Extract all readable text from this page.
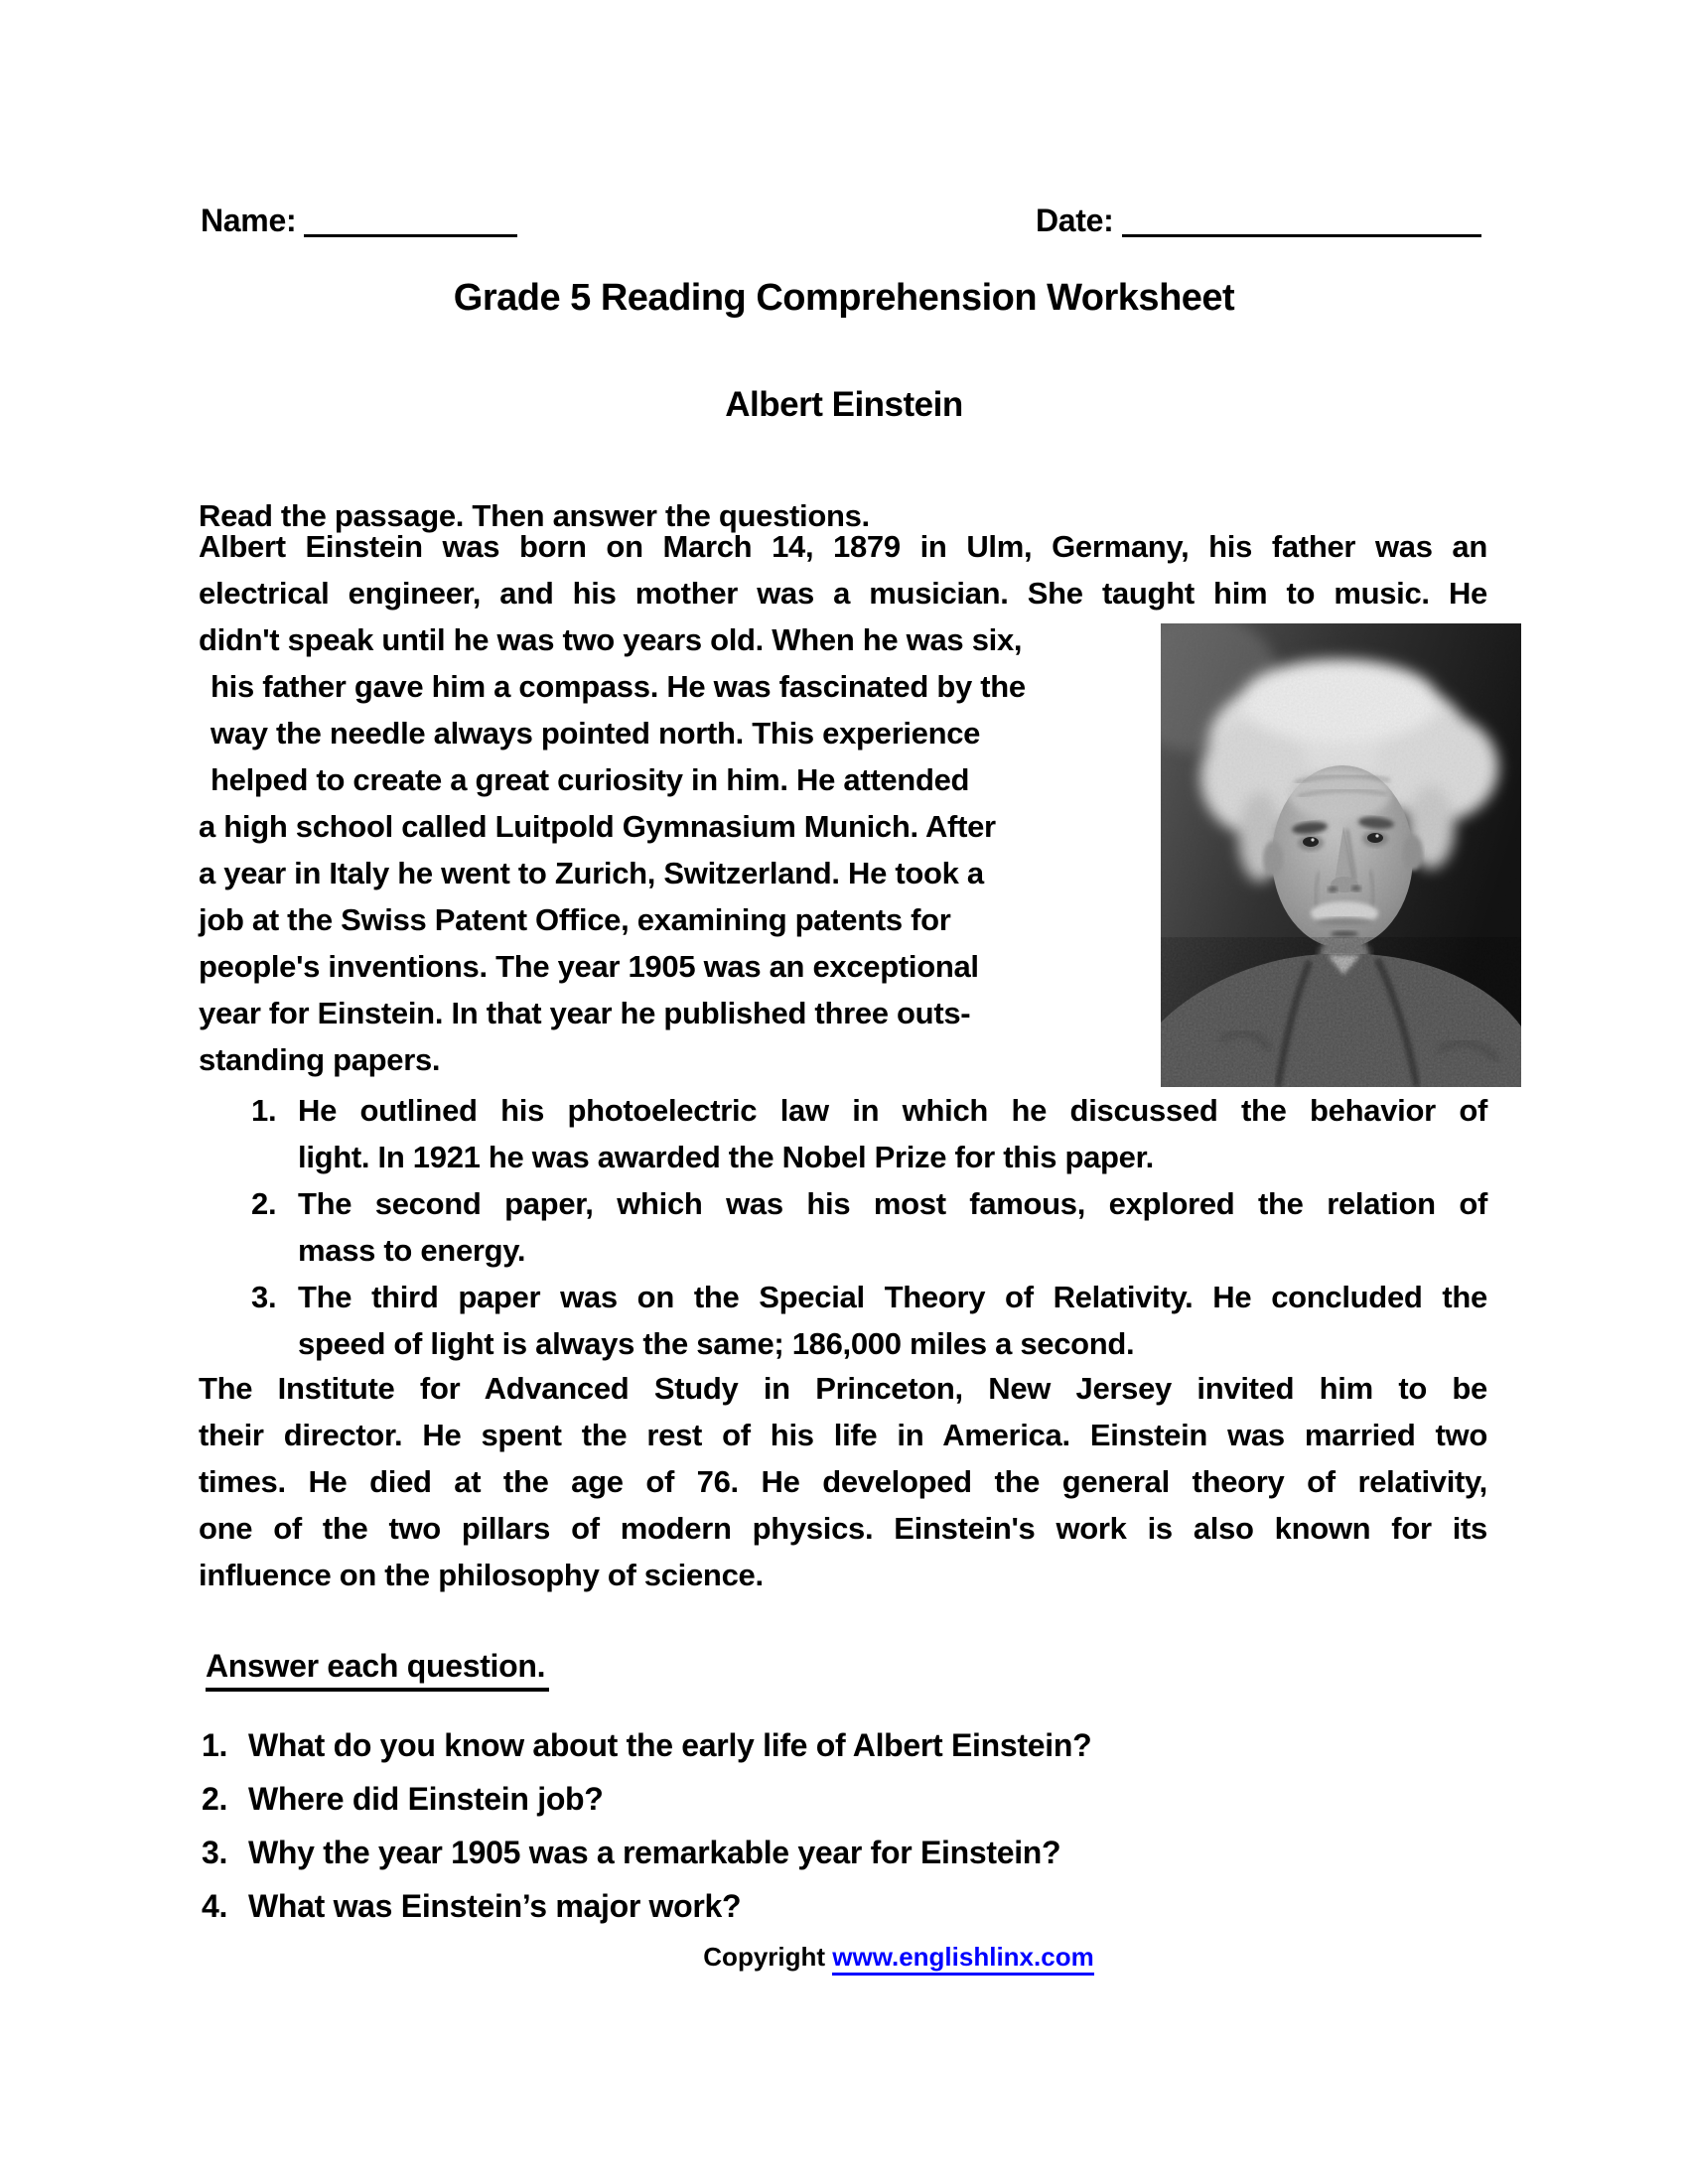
Name:	Date:
Grade 5 Reading Comprehension Worksheet
Albert Einstein
Read the passage. Then answer the questions.
Albert Einstein was born on March 14, 1879 in Ulm, Germany, his father was an
electrical engineer, and his mother was a musician. She taught him to music. He
didn't speak until he was two years old. When he was six,
his father gave him a compass. He was fascinated by the
way the needle always pointed north. This experience
helped to create a great curiosity in him. He attended
a high school called Luitpold Gymnasium Munich. After
a year in Italy he went to Zurich, Switzerland. He took a
job at the Swiss Patent Office, examining patents for
people's inventions. The year 1905 was an exceptional
year for Einstein. In that year he published three outs-
standing papers.
1. He outlined his photoelectric law in which he discussed the behavior of
light. In 1921 he was awarded the Nobel Prize for this paper.
2. The second paper, which was his most famous, explored the relation of
mass to energy.
3. The third paper was on the Special Theory of Relativity. He concluded the
speed of light is always the same; 186,000 miles a second.
The Institute for Advanced Study in Princeton, New Jersey invited him to be
their director. He spent the rest of his life in America. Einstein was married two
times. He died at the age of 76. He developed the general theory of relativity,
one of the two pillars of modern physics. Einstein's work is also known for its
influence on the philosophy of science.
Answer each question.
1. What do you know about the early life of Albert Einstein?
2. Where did Einstein job?
3. Why the year 1905 was a remarkable year for Einstein?
4. What was Einstein’s major work?
Copyright www.englishlinx.com
